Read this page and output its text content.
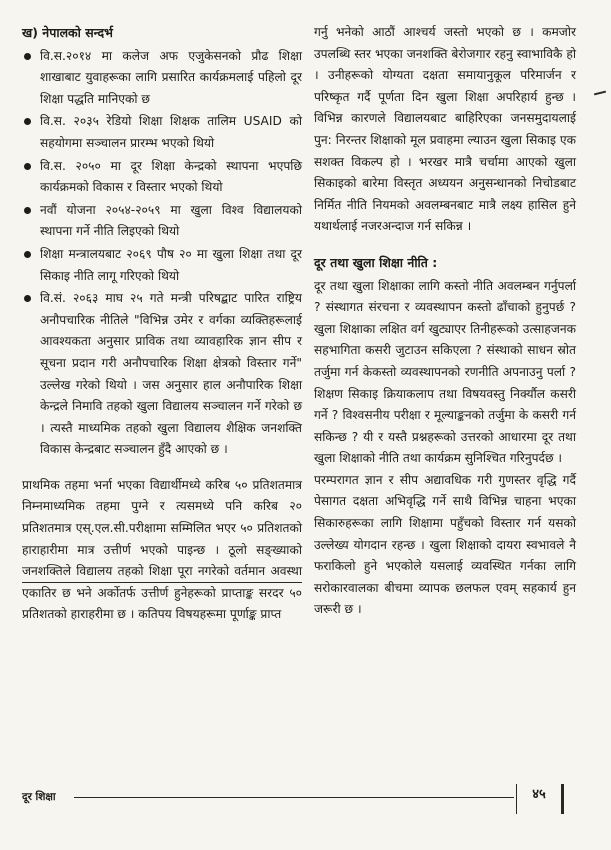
ख) नेपालको सन्दर्भ
वि.स.२०१४ मा कलेज अफ एजुकेसनको प्रौढ शिक्षा शाखाबाट युवाहरूका लागि प्रसारित कार्यक्रमलाई पहिलो दूर शिक्षा पद्धति मानिएको छ
वि.स. २०३५ रेडियो शिक्षा शिक्षक तालिम USAID को सहयोगमा सञ्चालन प्रारम्भ भएको थियो
वि.स. २०५० मा दूर शिक्षा केन्द्रको स्थापना भएपछि कार्यक्रमको विकास र विस्तार भएको थियो
नवौं योजना २०५४-२०५९ मा खुला विश्व विद्यालयको स्थापना गर्ने नीति लिइएको थियो
शिक्षा मन्त्रालयबाट २०६९ पौष २० मा खुला शिक्षा तथा दूर सिकाइ नीति लागू गरिएको थियो
वि.सं. २०६३ माघ २५ गते मन्त्री परिषद्बाट पारित राष्ट्रिय अनौपचारिक नीतिले "विभिन्न उमेर र वर्गका व्यक्तिहरूलाई आवश्यकता अनुसार प्राविक तथा व्यावहारिक ज्ञान सीप र सूचना प्रदान गरी अनौपचारिक शिक्षा क्षेत्रको विस्तार गर्ने" उल्लेख गरेको थियो । जस अनुसार हाल अनौपारिक शिक्षा केन्द्रले निमावि तहको खुला विद्यालय सञ्चालन गर्ने गरेको छ । त्यस्तै माध्यमिक तहको खुला विद्यालय शैक्षिक जनशक्ति विकास केन्द्रबाट सञ्चालन हुँदै आएको छ ।

प्राथमिक तहमा भर्ना भएका विद्यार्थीमध्ये करिब ५० प्रतिशतमात्र निम्नमाध्यमिक तहमा पुग्ने र त्यसमध्ये पनि करिब २० प्रतिशतमात्र एस्.एल.सी.परीक्षामा सम्मिलित भएर ५० प्रतिशतको हाराहारीमा मात्र उत्तीर्ण भएको पाइन्छ । ठूलो सङ्ख्याको जनशक्तिले विद्यालय तहको शिक्षा पूरा नगरेको वर्तमान अवस्था एकातिर छ भने अर्कोतर्फ उत्तीर्ण हुनेहरूको प्राप्ताङ्क सरदर ५० प्रतिशतको हाराहरीमा छ । कतिपय विषयहरूमा पूर्णाङ्क प्राप्त

गर्नु भनेको आठौं आश्चर्य जस्तो भएको छ । कमजोर उपलब्धि स्तर भएका जनशक्ति बेरोजगार रहनु स्वाभाविकै हो । उनीहरूको योग्यता दक्षता समायानुकूल परिमार्जन र परिष्कृत गर्दै पूर्णता दिन खुला शिक्षा अपरिहार्य हुन्छ । विभिन्न कारणले विद्यालयबाट बाहिरिएका जनसमुदायलाई पुन: निरन्तर शिक्षाको मूल प्रवाहमा ल्याउन खुला सिकाइ एक सशक्त विकल्प हो । भरखर मात्रै चर्चामा आएको खुला सिकाइको बारेमा विस्तृत अध्ययन अनुसन्धानको निचोडबाट निर्मित नीति नियमको अवलम्बनबाट मात्रै लक्ष्य हासिल हुने यथार्थलाई नजरअन्दाज गर्न सकिन्न ।

दूर तथा खुला शिक्षा नीति :

दूर तथा खुला शिक्षाका लागि कस्तो नीति अवलम्बन गर्नुपर्ला ? संस्थागत संरचना र व्यवस्थापन कस्तो ढाँचाको हुनुपर्छ ? खुला शिक्षाका लक्षित वर्ग खुट्याएर तिनीहरूको उत्साहजनक सहभागिता कसरी जुटाउन सकिएला ? संस्थाको साधन स्रोत तर्जुमा गर्न केकस्तो व्यवस्थापनको रणनीति अपनाउनु पर्ला ? शिक्षण सिकाइ क्रियाकलाप तथा विषयवस्तु निर्क्यौल कसरी गर्ने ? विश्वसनीय परीक्षा र मूल्याङ्कनको तर्जुमा के कसरी गर्न सकिन्छ ? यी र यस्तै प्रश्नहरूको उत्तरको आधारमा दूर तथा खुला शिक्षाको नीति तथा कार्यक्रम सुनिश्चित गरिनुपर्दछ ।

परम्परागत ज्ञान र सीप अद्यावधिक गरी गुणस्तर वृद्धि गर्दै पेसागत दक्षता अभिवृद्धि गर्ने साथै विभिन्न चाहना भएका सिकारुहरूका लागि शिक्षामा पहुँचको विस्तार गर्न यसको उल्लेख्य योगदान रहन्छ । खुला शिक्षाको दायरा स्वभावले नै फराकिलो हुने भएकोले यसलाई व्यवस्थित गर्नका लागि सरोकारवालका बीचमा व्यापक छलफल एवम् सहकार्य हुन जरूरी छ ।

दूर शिक्षा	४५
